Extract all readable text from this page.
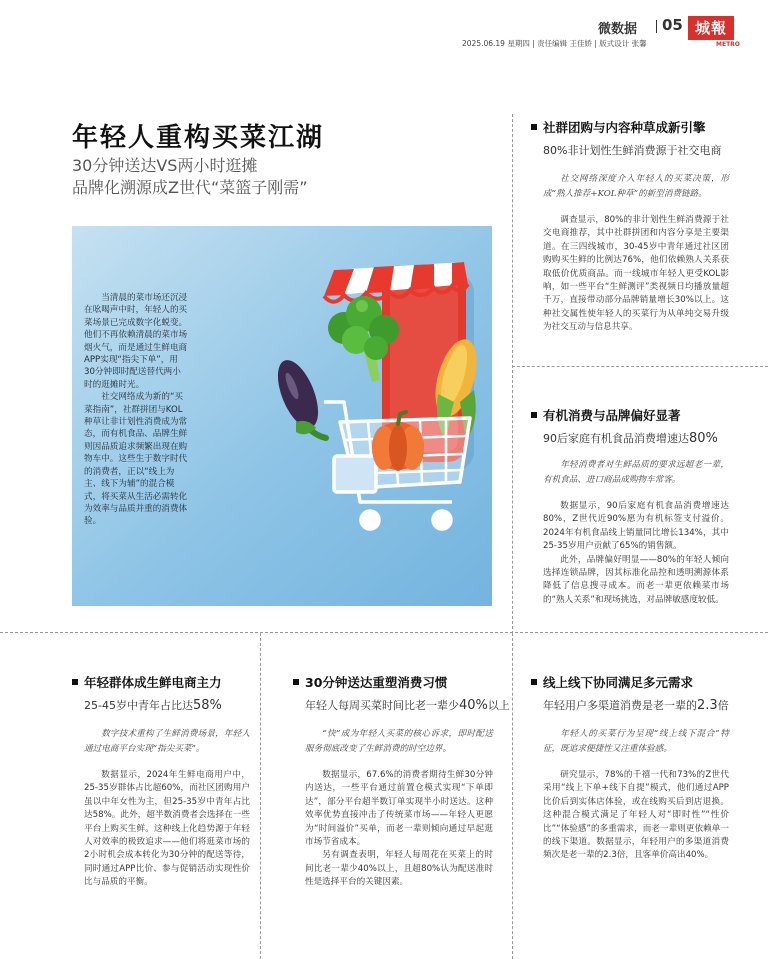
微数据 05 城報
2025.06.19 星期四 | 责任编辑 王佳娇 | 版式设计 张馨	METRO
年轻人重构买菜江湖
30分钟送达VS两小时逛摊
品牌化溯源成Z世代“菜篮子刚需”

当清晨的菜市场还沉浸在吆喝声中时，年轻人的买菜场景已完成数字化蜕变。他们不再依赖清晨的菜市场烟火气，而是通过生鲜电商APP实现“指尖下单”，用30分钟即时配送替代两小时的逛摊时光。

社交网络成为新的“买菜指南”，社群拼团与KOL种草让非计划性消费成为常态，而有机食品、品牌生鲜则因品质追求频繁出现在购物车中。这些生于数字时代的消费者，正以“线上为主、线下为辅”的混合模式，将买菜从生活必需转化为效率与品质并重的消费体验。

社群团购与内容种草成新引擎
80%非计划性生鲜消费源于社交电商

社交网络深度介入年轻人的买菜决策，形成“熟人推荐+KOL种草”的新型消费链路。

调查显示，80%的非计划性生鲜消费源于社交电商推荐，其中社群拼团和内容分享是主要渠道。在三四线城市，30-45岁中青年通过社区团购购买生鲜的比例达76%，他们依赖熟人关系获取低价优质商品。而一线城市年轻人更受KOL影响，如一些平台“生鲜测评”类视频日均播放量超千万，直接带动部分品牌销量增长30%以上。这种社交属性使年轻人的买菜行为从单纯交易升级为社交互动与信息共享。

有机消费与品牌偏好显著
90后家庭有机食品消费增速达80%

年轻消费者对生鲜品质的要求远超老一辈，有机食品、进口商品成购物车常客。

数据显示，90后家庭有机食品消费增速达80%，Z世代近90%愿为有机标签支付溢价。2024年有机食品线上销量同比增长134%，其中25-35岁用户贡献了65%的销售额。

此外，品牌偏好明显——80%的年轻人倾向选择连锁品牌，因其标准化品控和透明溯源体系降低了信息搜寻成本。而老一辈更依赖菜市场的“熟人关系”和现场挑选，对品牌敏感度较低。

年轻群体成生鲜电商主力
25-45岁中青年占比达58%

数字技术重构了生鲜消费场景，年轻人通过电商平台实现“指尖买菜”。

数据显示，2024年生鲜电商用户中，25-35岁群体占比超60%，而社区团购用户虽以中年女性为主，但25-35岁中青年占比达58%。此外，超半数消费者会选择在一些平台上购买生鲜。这种线上化趋势源于年轻人对效率的极致追求——他们将逛菜市场的2小时机会成本转化为30分钟的配送等待，同时通过APP比价、参与促销活动实现性价比与品质的平衡。

30分钟送达重塑消费习惯
年轻人每周买菜时间比老一辈少40%以上

“快”成为年轻人买菜的核心诉求，即时配送服务彻底改变了生鲜消费的时空边界。

数据显示，67.6%的消费者期待生鲜30分钟内送达，一些平台通过前置仓模式实现“下单即达”，部分平台超半数订单实现半小时送达。这种效率优势直接冲击了传统菜市场——年轻人更愿为“时间溢价”买单，而老一辈则倾向通过早起逛市场节省成本。

另有调查表明，年轻人每周花在买菜上的时间比老一辈少40%以上，且超80%认为配送准时性是选择平台的关键因素。

线上线下协同满足多元需求
年轻用户多渠道消费是老一辈的2.3倍

年轻人的买菜行为呈现“线上线下混合”特征，既追求便捷性又注重体验感。

研究显示，78%的千禧一代和73%的Z世代采用“线上下单+线下自提”模式，他们通过APP比价后到实体店体验，或在线购买后到店退换。这种混合模式满足了年轻人对“即时性”“性价比”“体验感”的多重需求，而老一辈则更依赖单一的线下渠道。数据显示，年轻用户的多渠道消费频次是老一辈的2.3倍，且客单价高出40%。
